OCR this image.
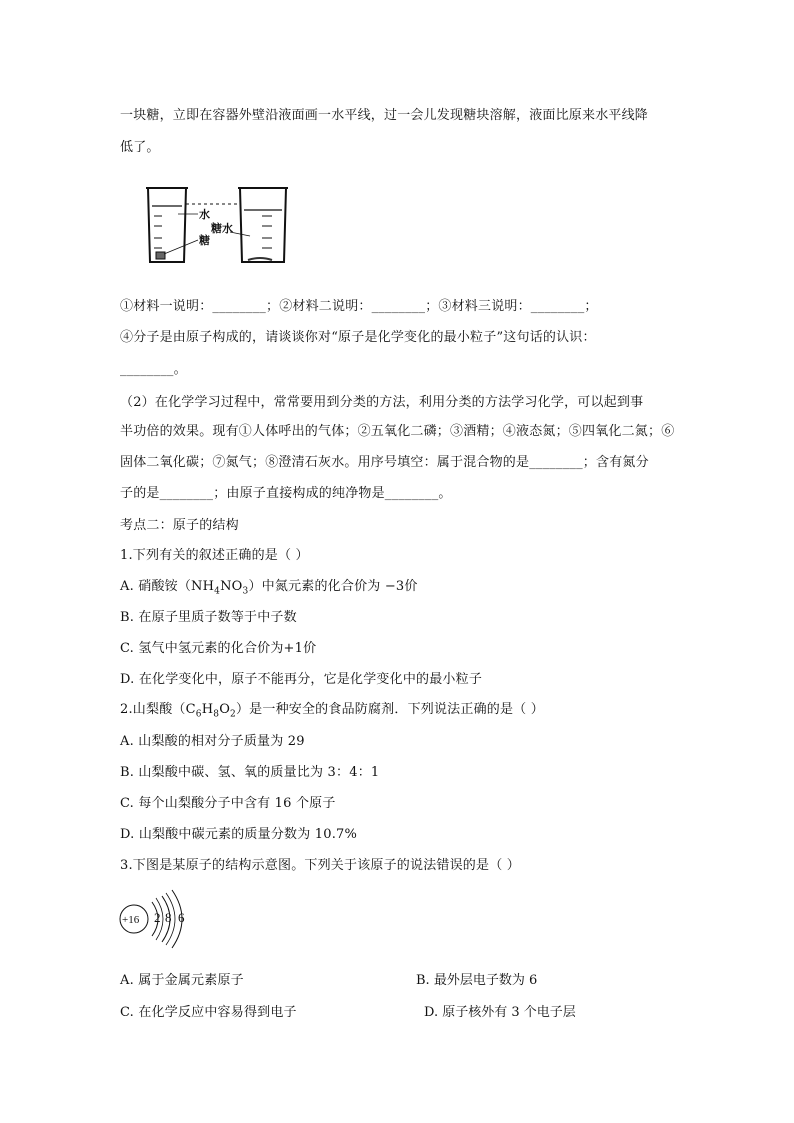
一块糖，立即在容器外壁沿液面画一水平线，过一会儿发现糖块溶解，液面比原来水平线降
低了。
水
糖水
糖
①材料一说明：________；②材料二说明：________；③材料三说明：________；
④分子是由原子构成的，请谈谈你对“原子是化学变化的最小粒子”这句话的认识：
________。
（2）在化学学习过程中，常常要用到分类的方法，利用分类的方法学习化学，可以起到事
半功倍的效果。现有①人体呼出的气体；②五氧化二磷；③酒精；④液态氮；⑤四氧化二氮；⑥
固体二氧化碳；⑦氮气；⑧澄清石灰水。用序号填空：属于混合物的是________；含有氮分
子的是________；由原子直接构成的纯净物是________。
考点二：原子的结构
1.下列有关的叙述正确的是（ ）
A. 硝酸铵$(NH_4NO_3)$中氮元素的化合价为 −3价
B. 在原子里质子数等于中子数
C. 氢气中氢元素的化合价为+1价
D. 在化学变化中，原子不能再分，它是化学变化中的最小粒子
2.山梨酸$(C_6H_8O_2)$是一种安全的食品防腐剂．下列说法正确的是（ ）
A. 山梨酸的相对分子质量为 29
B. 山梨酸中碳、氢、氧的质量比为 3：4：1
C. 每个山梨酸分子中含有 16 个原子
D. 山梨酸中碳元素的质量分数为 10.7%
3.下图是某原子的结构示意图。下列关于该原子的说法错误的是（ ）
+16 2 8 6
A. 属于金属元素原子	B. 最外层电子数为 6
C. 在化学反应中容易得到电子	D. 原子核外有 3 个电子层
